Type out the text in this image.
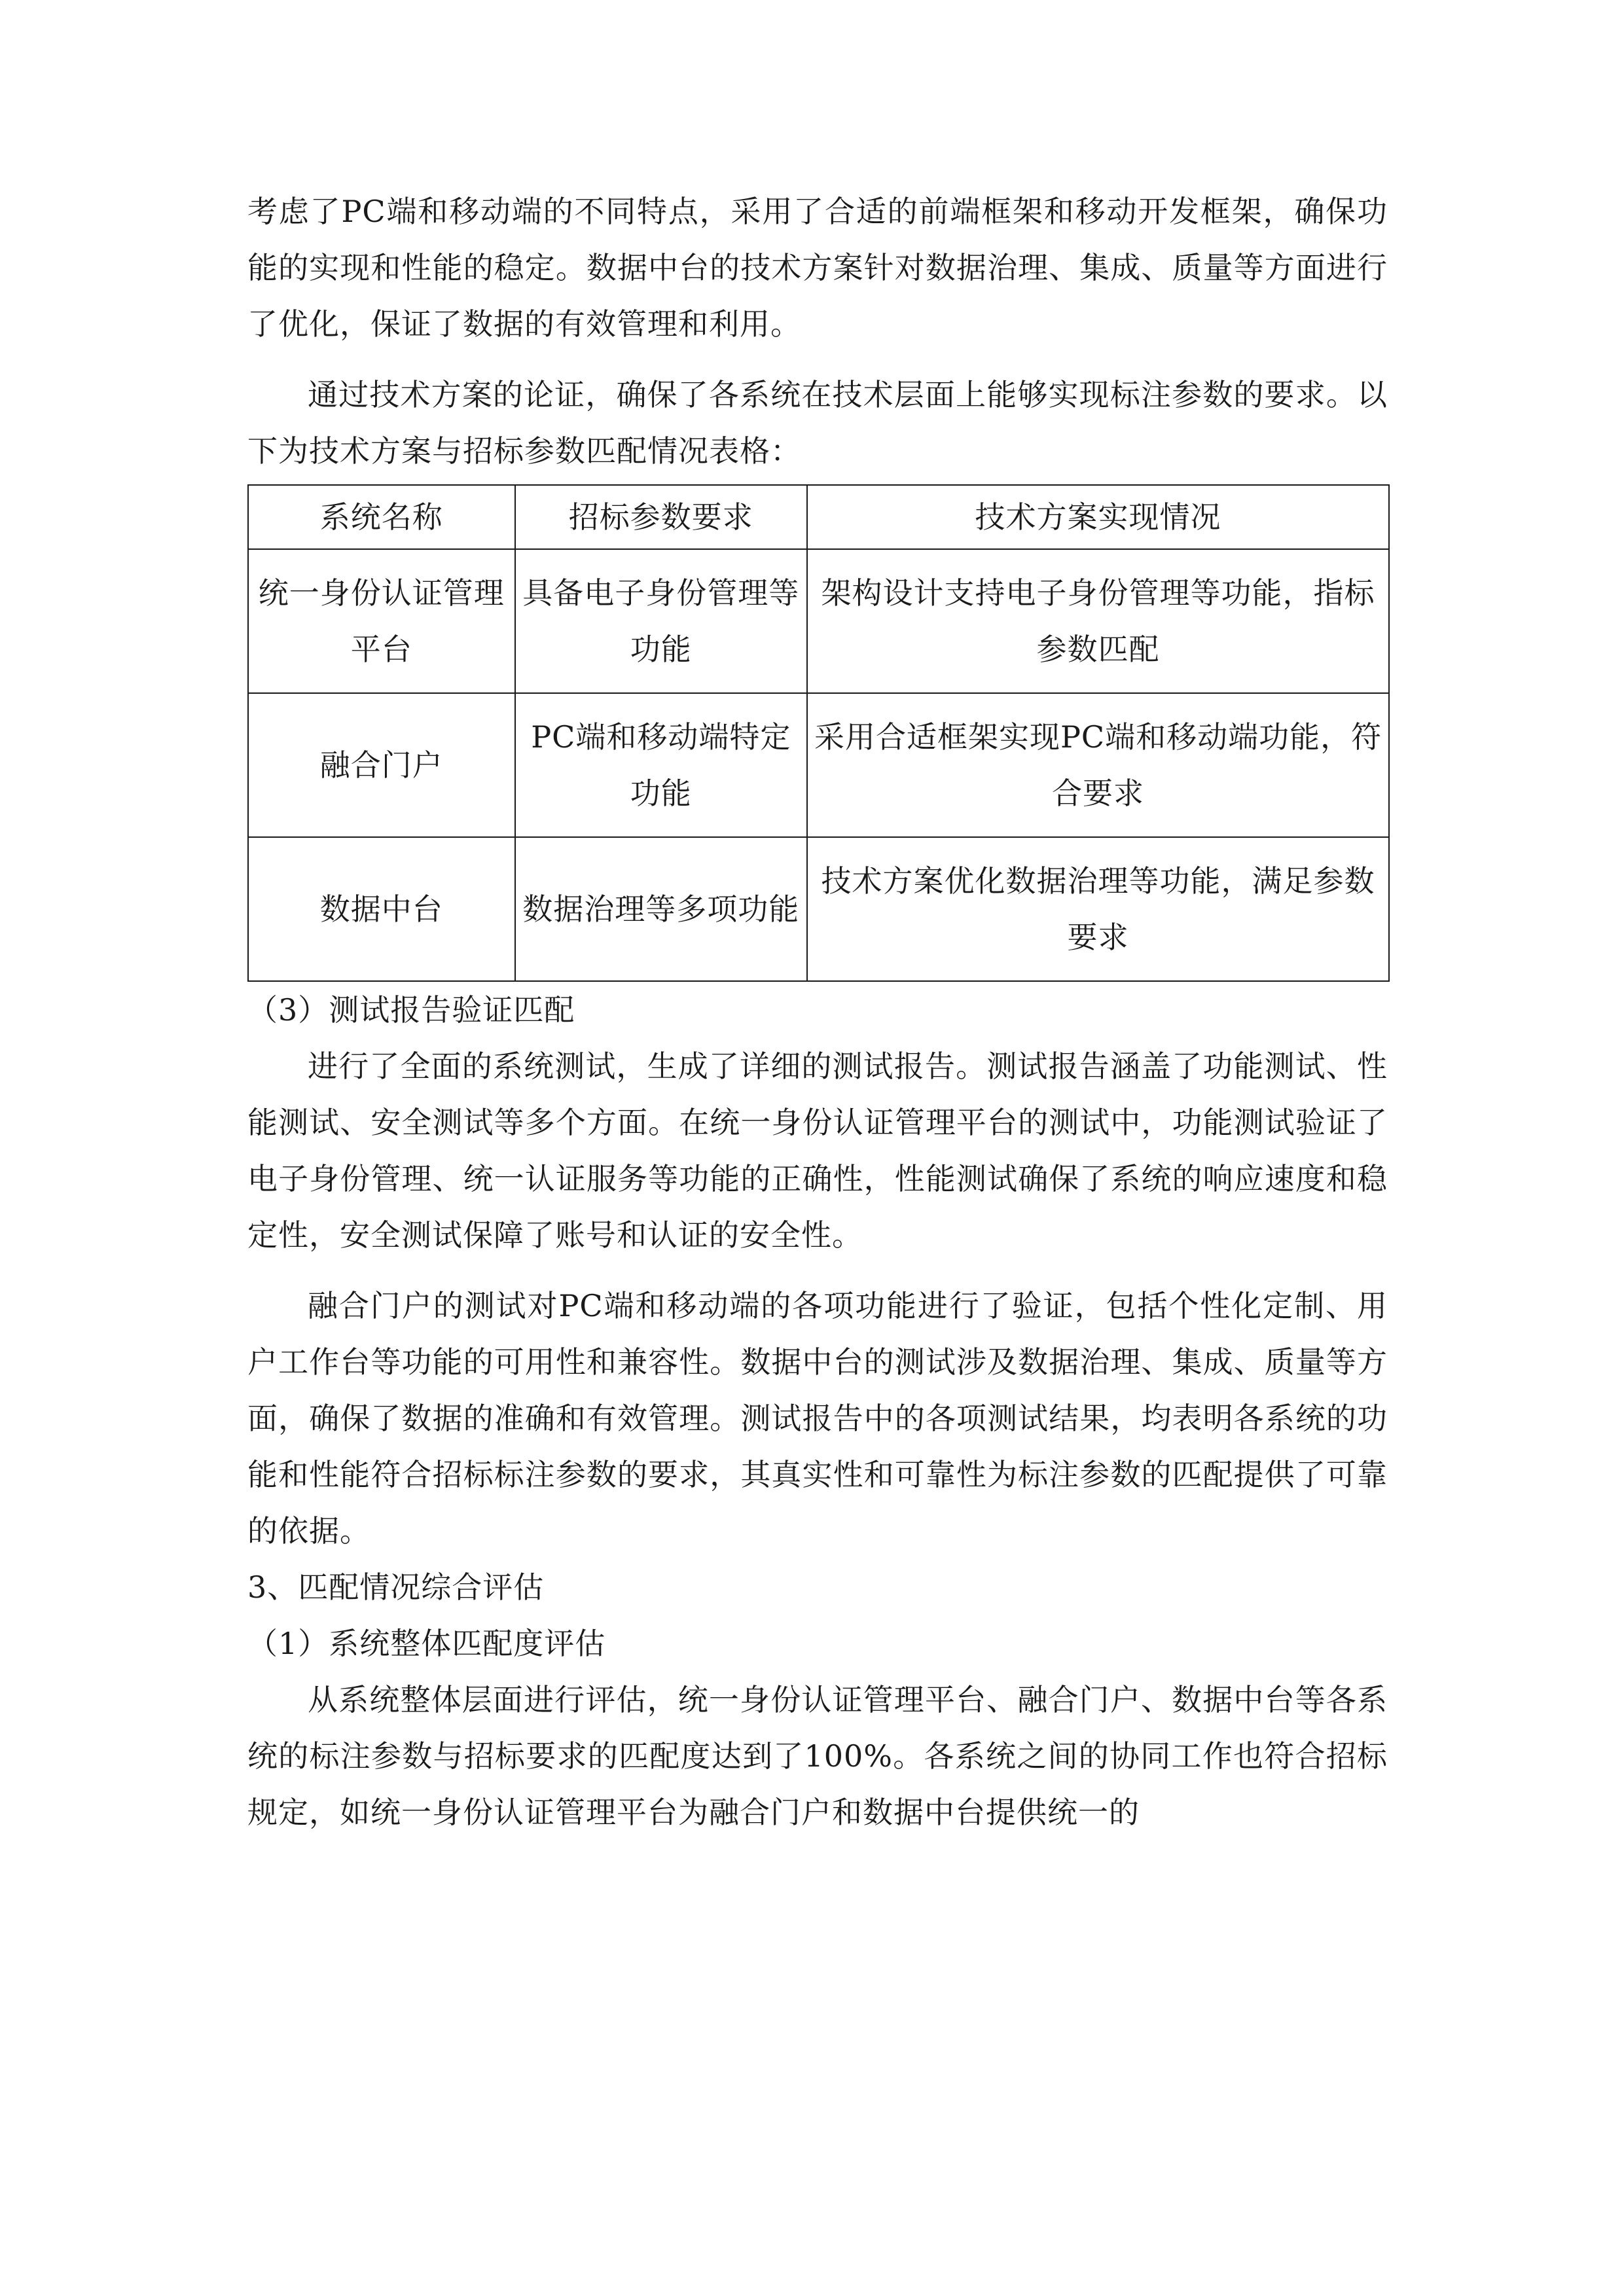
考虑了PC端和移动端的不同特点，采用了合适的前端框架和移动开发框架，确保功能的实现和性能的稳定。数据中台的技术方案针对数据治理、集成、质量等方面进行了优化，保证了数据的有效管理和利用。

通过技术方案的论证，确保了各系统在技术层面上能够实现标注参数的要求。以下为技术方案与招标参数匹配情况表格：

系统名称	招标参数要求	技术方案实现情况
统一身份认证管理平台	具备电子身份管理等功能	架构设计支持电子身份管理等功能，指标参数匹配
融合门户	PC端和移动端特定功能	采用合适框架实现PC端和移动端功能，符合要求
数据中台	数据治理等多项功能	技术方案优化数据治理等功能，满足参数要求

（3）测试报告验证匹配

进行了全面的系统测试，生成了详细的测试报告。测试报告涵盖了功能测试、性能测试、安全测试等多个方面。在统一身份认证管理平台的测试中，功能测试验证了电子身份管理、统一认证服务等功能的正确性，性能测试确保了系统的响应速度和稳定性，安全测试保障了账号和认证的安全性。

融合门户的测试对PC端和移动端的各项功能进行了验证，包括个性化定制、用户工作台等功能的可用性和兼容性。数据中台的测试涉及数据治理、集成、质量等方面，确保了数据的准确和有效管理。测试报告中的各项测试结果，均表明各系统的功能和性能符合招标标注参数的要求，其真实性和可靠性为标注参数的匹配提供了可靠的依据。

3、匹配情况综合评估

（1）系统整体匹配度评估

从系统整体层面进行评估，统一身份认证管理平台、融合门户、数据中台等各系统的标注参数与招标要求的匹配度达到了100%。各系统之间的协同工作也符合招标规定，如统一身份认证管理平台为融合门户和数据中台提供统一的
